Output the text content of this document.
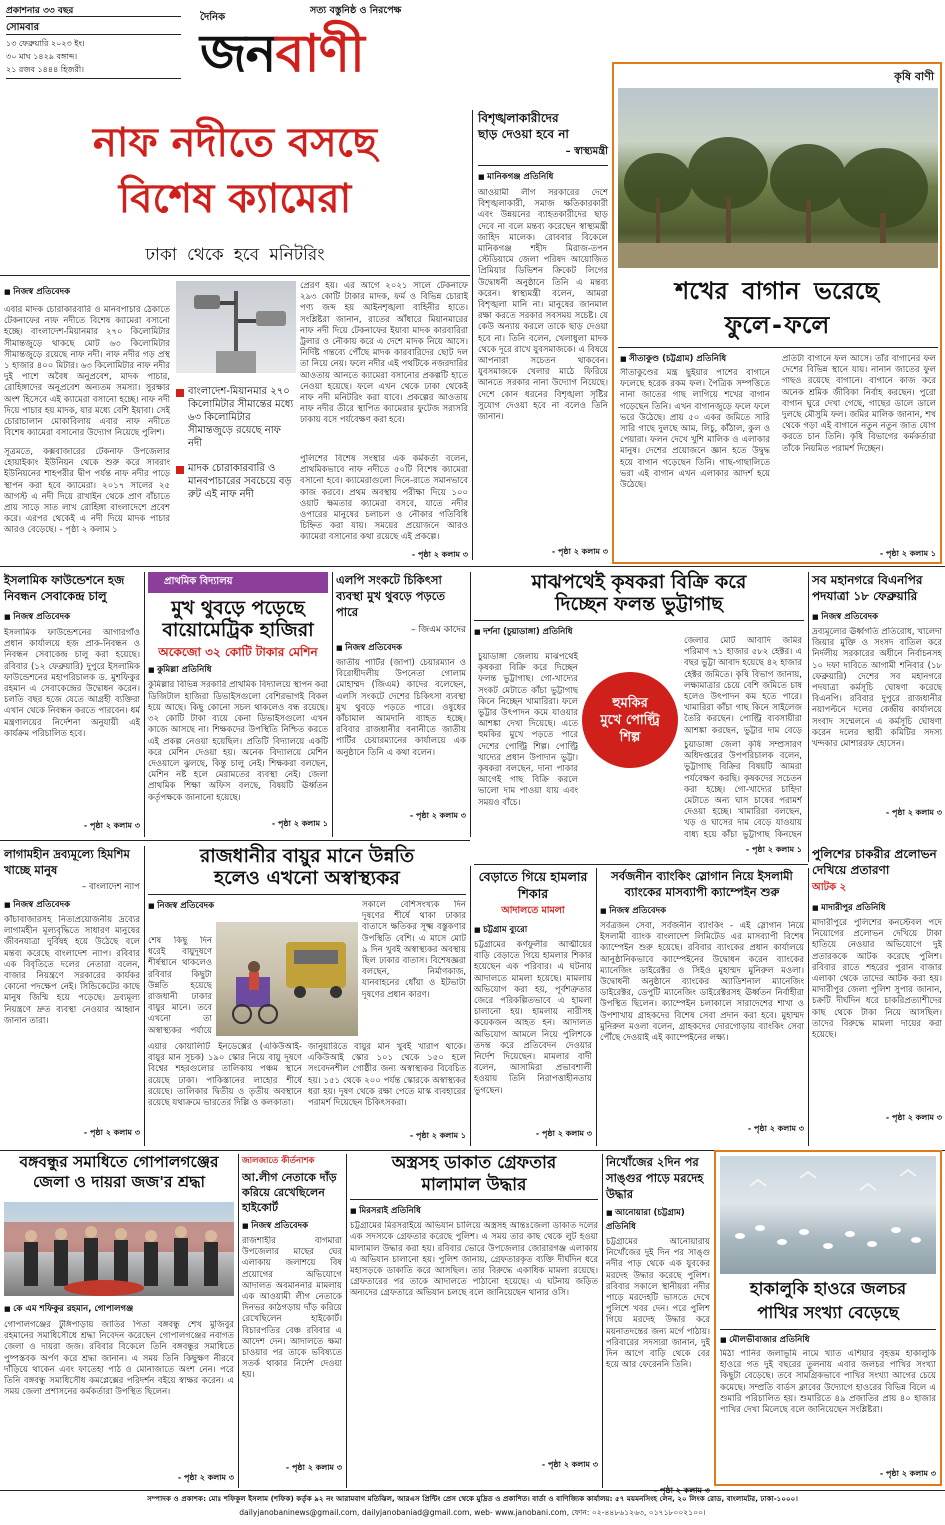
প্রকাশনার ৩৩ বছর
সোমবার
১৩ ফেব্রুয়ারি ২০২৩ ইং।
৩০ মাঘ ১৪২৯ বঙ্গাব্দ।
২১ রজব ১৪৪৪ হিজরী।
দৈনিক
সত্য বস্তুনিষ্ঠ ও নিরপেক্ষ
জনবাণী
নাফ নদীতে বসছে
বিশেষ ক্যামেরা
ঢাকা থেকে হবে মনিটরিং
■ নিজস্ব প্রতিবেদক
এবার মাদক চোরাকারবারি ও মানবপাচার ঠেকাতে টেকনাফের নাফ নদীতে বিশেষ ক্যামেরা বসানো হচ্ছে। বাংলাদেশ-মিয়ানমার ২৭০ কিলোমিটার সীমান্তজুড়ে থাকছে মোট ৬৩ কিলোমিটার সীমান্তজুড়ে রয়েছে নাফ নদী। নাফ নদীর গড় প্রস্থ ১ হাজার ৪০০ মিটার। ৬৩ কিলোমিটার নাফ নদীর দুই পাশে অবৈধ অনুপ্রবেশ, মাদক পাচার, রোহিঙ্গাদের অনুপ্রবেশ অন্যতম সমস্যা। সুরক্ষার অংশ হিসেবে এই ক্যামেরা বসানো হচ্ছে। নাফ নদী দিয়ে পাচার হয় মাদক, যার মধ্যে বেশি ইয়াবা। সেই চোরাচালান মোকাবিলায় এবার নাফ নদীতে বিশেষ ক্যামেরা বসানোর উদ্যোগ নিয়েছে পুলিশ।
সূত্রমতে, কক্সবাজারের টেকনাফ উপজেলার হোয়াইক্যং ইউনিয়ন থেকে শুরু করে সাবরাং ইউনিয়নের শাহপরীর দ্বীপ পর্যন্ত নাফ নদীর পাড়ে স্থাপন করা হবে ক্যামেরা। ২০১৭ সালের ২৫ আগস্ট এ নদী দিয়ে রাখাইন থেকে প্রাণ বাঁচাতে প্রায় সাড়ে সাত লাখ রোহিঙ্গা বাংলাদেশে প্রবেশ করে। এরপর থেকেই এ নদী দিয়ে মাদক পাচার আরও বেড়েছে। - পৃষ্ঠা ২ কলাম ১
বাংলাদেশ-মিয়ানমার ২৭০ কিলোমিটার সীমান্তের মধ্যে ৬৩ কিলোমিটার সীমান্তজুড়ে রয়েছে নাফ নদী
মাদক চোরাকারবারি ও মানবপাচারের সবচেয়ে বড় রুট এই নাফ নদী
প্রেরণ হয়। এর আগে ২০২১ সালে টেকনাফে ২৯৩ কোটি টাকার মাদক, ফর্ম ও বিভিন্ন চোরাই পণ্য জব্দ হয় আইনশৃঙ্খলা বাহিনীর হাতে। সংশ্লিষ্টরা জানান, রাতের আঁধারে মিয়ানমারের নাফ নদী দিয়ে টেকনাফের ইয়াবা মাদক কারবারিরা ট্রলার ও নৌকায় করে এ দেশে মাদক নিয়ে আসে। নির্দিষ্ট গন্তব্যে পৌঁছে মাদক কারবারিদের ছোট দল তা নিয়ে নেয়। ফলে নদীর এই পথটিকে নজরদারির আওতায় আনতে ক্যামেরা বসানোর প্রকল্পটি হাতে নেওয়া হয়েছে। ফলে এখন থেকে ঢাকা থেকেই নাফ নদী মনিটরিং করা যাবে। প্রকল্পের আওতায় নাফ নদীর তীরে স্থাপিত ক্যামেরার ফুটেজ সরাসরি ঢাকায় বসে পর্যবেক্ষণ করা হবে।
পুলিশের বিশেষ সংস্থার এক কর্মকর্তা বলেন, প্রাথমিকভাবে নাফ নদীতে ৫০টি বিশেষ ক্যামেরা বসানো হবে। ক্যামেরাগুলো দিনে-রাতে সমানভাবে কাজ করবে। প্রথম অবস্থায় পরীক্ষা দিয়ে ১০০ ওয়াট ক্ষমতার ক্যামেরা বসবে, যাতে নদীর ওপারের মানুষের চলাচল ও নৌকার গতিবিধি চিহ্নিত করা যায়। সময়ের প্রয়োজনে আরও ক্যামেরা বসানোর কথা রয়েছে এই প্রকল্পে।
- পৃষ্ঠা ২ কলাম ৩
বিশৃঙ্খলাকারীদের ছাড় দেওয়া হবে না
– স্বাস্থ্যমন্ত্রী
■ মানিকগঞ্জ প্রতিনিধি
আওয়ামী লীগ সরকারের দেশে বিশৃঙ্খলাকারী, সমাজ ক্ষতিকারকারী এবং উন্নয়নের ব্যাহতকারীদের ছাড় দেবে না বলে মন্তব্য করেছেন স্বাস্থ্যমন্ত্রী জাহিদ মালেক। রোববার বিকেলে মানিকগঞ্জ শহীদ মিরাজ-তপন স্টেডিয়ামে জেলা পরিষদ আয়োজিত প্রিমিয়ার ডিভিশন ক্রিকেট লিগের উদ্বোধনী অনুষ্ঠানে তিনি এ মন্তব্য করেন। স্বাস্থ্যমন্ত্রী বলেন, আমরা বিশৃঙ্খলা মানি না। মানুষের জানমাল রক্ষা করতে সরকার সবসময় সচেষ্ট। যে কেউ অন্যায় করলে তাকে ছাড় দেওয়া হবে না। তিনি বলেন, খেলাধুলা মাদক থেকে দূরে রাখে যুবসমাজকে। এ বিষয়ে আপনারা সচেতন থাকবেন। যুবসমাজকে খেলার মাঠে ফিরিয়ে আনতে সরকার নানা উদ্যোগ নিয়েছে। দেশে কোন ধরনের বিশৃঙ্খলা সৃষ্টির সুযোগ দেওয়া হবে না বলেও তিনি জানান।
- পৃষ্ঠা ২ কলাম ৩
কৃষি বাণী
শখের বাগান ভরেছে
ফুলে-ফলে
■ সীতাকুণ্ড (চট্টগ্রাম) প্রতিনিধি
সীতাকুণ্ডের মন্ত্র ছুইয়ার পাশের বাগানে ফলেছে হরেক রকম ফল। পৈত্রিক সম্পত্তিতে নানা জাতের গাছ লাগিয়ে শখের বাগান গড়েছেন তিনি। এখন বাগানজুড়ে ফলে ফলে ভরে উঠেছে। প্রায় ৫০ একর জমিতে সারি সারি গাছে দুলছে আম, লিচু, কাঁঠাল, কুল ও পেয়ারা। ফলন দেখে খুশি মালিক ও এলাকার মানুষ। দেশের প্রয়োজনে জ্ঞান হতে উদ্বুদ্ধ হয়ে বাগান গড়েছেন তিনি। গাছ-গাছালিতে ভরা এই বাগান এখন এলাকার আদর্শ হয়ে উঠেছে।
প্রতিটা বাগানে ফল আসে। তাঁর বাগানের ফল দেশের বিভিন্ন স্থানে যায়। নানান জাতের ফুল গাছও রয়েছে বাগানে। বাগানে কাজ করে অনেক শ্রমিক জীবিকা নির্বাহ করছেন। পুরো বাগান ঘুরে দেখা গেছে, গাছের ডালে ডালে দুলছে মৌসুমি ফল। জমির মালিক জানান, শখ থেকে গড়া এই বাগানে নতুন নতুন জাত যোগ করতে চান তিনি। কৃষি বিভাগের কর্মকর্তারা তাঁকে নিয়মিত পরামর্শ দিচ্ছেন।
- পৃষ্ঠা ২ কলাম ১
ইসলামিক ফাউন্ডেশনে হজ নিবন্ধন সেবাকেন্দ্র চালু
■ নিজস্ব প্রতিবেদক
ইসলামিক ফাউন্ডেশনের আগারগাঁও প্রধান কার্যালয়ে হজ প্রাক-নিবন্ধন ও নিবন্ধন সেবাকেন্দ্র চালু করা হয়েছে। রবিবার (১২ ফেব্রুয়ারি) দুপুরে ইসলামিক ফাউন্ডেশনের মহাপরিচালক ড. মুশফিকুর রহমান এ সেবাকেন্দ্রের উদ্বোধন করেন। চলতি বছর হজে যেতে আগ্রহী ব্যক্তিরা এখান থেকে নিবন্ধন করতে পারবেন। ধর্ম মন্ত্রণালয়ের নির্দেশনা অনুযায়ী এই কার্যক্রম পরিচালিত হবে।
- পৃষ্ঠা ২ কলাম ৩
প্রাথমিক বিদ্যালয়
মুখ থুবড়ে পড়েছে
বায়োমেট্রিক হাজিরা
অকেজো ৩২ কোটি টাকার মেশিন
■ কুমিল্লা প্রতিনিধি
কুমিল্লার বিভিন্ন সরকারি প্রাথমিক বিদ্যালয়ে স্থাপন করা ডিজিটাল হাজিরা ডিভাইসগুলো বেশিরভাগই বিকল হয়ে আছে। কিছু কোনো সচল থাকলেও বন্ধ রয়েছে। ৩২ কোটি টাকা ব্যয়ে কেনা ডিভাইসগুলো এখন কাজে আসছে না। শিক্ষকদের উপস্থিতি নিশ্চিত করতে এই প্রকল্প নেওয়া হয়েছিল। প্রতিটি বিদ্যালয়ে একটি করে মেশিন দেওয়া হয়। অনেক বিদ্যালয়ে মেশিন দেওয়ালে ঝুলছে, কিন্তু চালু নেই। শিক্ষকরা বলছেন, মেশিন নষ্ট হলে মেরামতের ব্যবস্থা নেই। জেলা প্রাথমিক শিক্ষা অফিস বলছে, বিষয়টি ঊর্ধ্বতন কর্তৃপক্ষকে জানানো হয়েছে।
- পৃষ্ঠা ২ কলাম ১
এলপি সংকটে চিকিৎসা ব্যবস্থা মুখ থুবড়ে পড়তে পারে
– জিএম কাদের
■ নিজস্ব প্রতিবেদক
জাতীয় পার্টির (জাপা) চেয়ারম্যান ও বিরোধীদলীয় উপনেতা গোলাম মোহাম্মদ (জিএম) কাদের বলেছেন, এলসি সংকটে দেশের চিকিৎসা ব্যবস্থা মুখ থুবড়ে পড়তে পারে। ওষুধের কাঁচামাল আমদানি ব্যাহত হচ্ছে। রবিবার রাজধানীর বনানীতে জাতীয় পার্টির চেয়ারম্যানের কার্যালয়ে এক অনুষ্ঠানে তিনি এ কথা বলেন।
- পৃষ্ঠা ২ কলাম ৩
মাঝপথেই কৃষকরা বিক্রি করে
দিচ্ছেন ফলন্ত ভুট্টাগাছ
■ দর্শনা (চুয়াডাঙ্গা) প্রতিনিধি
চুয়াডাঙ্গা জেলায় মাঝপথেই কৃষকরা বিক্রি করে দিচ্ছেন ফলন্ত ভুট্টাগাছ। গো-খাদ্যের সংকট মেটাতে কাঁচা ভুট্টাগাছ কিনে নিচ্ছেন খামারিরা। ফলে ভুট্টার উৎপাদন কমে যাওয়ার আশঙ্কা দেখা দিয়েছে। এতে হুমকির মুখে পড়তে পারে দেশের পোল্ট্রি শিল্প। পোল্ট্রি খাদ্যের প্রধান উপাদান ভুট্টা। কৃষকরা বলছেন, দানা পাকার আগেই গাছ বিক্রি করলে ভালো দাম পাওয়া যায় এবং সময়ও বাঁচে।
হুমকির
মুখে পোল্ট্রি
শিল্প
জেলার মোট আবাদি জমির পরিমাণ ৭১ হাজার ৫৮২ হেক্টর। এ বছর ভুট্টা আবাদ হয়েছে ৪২ হাজার হেক্টর জমিতে। কৃষি বিভাগ জানায়, লক্ষ্যমাত্রার চেয়ে বেশি জমিতে চাষ হলেও উৎপাদন কম হতে পারে। খামারিরা কাঁচা গাছ কিনে সাইলেজ তৈরি করছেন। পোল্ট্রি ব্যবসায়ীরা আশঙ্কা করছেন, ভুট্টার দাম বেড়ে
চুয়াডাঙ্গা জেলা কৃষি সম্প্রসারণ অধিদপ্তরের উপপরিচালক বলেন, ভুট্টাগাছ বিক্রির বিষয়টি আমরা পর্যবেক্ষণ করছি। কৃষকদের সচেতন করা হচ্ছে। গো-খাদ্যের চাহিদা মেটাতে অন্য ঘাস চাষের পরামর্শ দেওয়া হচ্ছে। খামারিরা বলছেন, খড় ও ঘাসের দাম বেড়ে যাওয়ায় বাধ্য হয়ে কাঁচা ভুট্টাগাছ কিনছেন
- পৃষ্ঠা ২ কলাম ১
সব মহানগরে বিএনপির পদযাত্রা ১৮ ফেব্রুয়ারি
■ নিজস্ব প্রতিবেদক
দ্রব্যমূল্যের ঊর্ধ্বগতি প্রতিরোধ, খালেদা জিয়ার মুক্তি ও সংসদ বাতিল করে নির্দলীয় সরকারের অধীনে নির্বাচনসহ ১০ দফা দাবিতে আগামী শনিবার (১৮ ফেব্রুয়ারি) দেশের সব মহানগরে পদযাত্রা কর্মসূচি ঘোষণা করেছে বিএনপি। রবিবার দুপুরে রাজধানীর নয়াপল্টনে দলের কেন্দ্রীয় কার্যালয়ে সংবাদ সম্মেলনে এ কর্মসূচি ঘোষণা করেন দলের স্থায়ী কমিটির সদস্য খন্দকার মোশাররফ হোসেন।
- পৃষ্ঠা ২ কলাম ৩
লাগামহীন দ্রব্যমূল্যে হিমশিম খাচ্ছে মানুষ
– বাংলাদেশ ন্যাপ
■ নিজস্ব প্রতিবেদক
কাঁচাবাজারসহ নিত্যপ্রয়োজনীয় দ্রব্যের লাগামহীন মূল্যবৃদ্ধিতে সাধারণ মানুষের জীবনযাত্রা দুর্বিষহ হয়ে উঠেছে বলে মন্তব্য করেছে বাংলাদেশ ন্যাপ। রবিবার এক বিবৃতিতে দলের নেতারা বলেন, বাজার নিয়ন্ত্রণে সরকারের কার্যকর কোনো পদক্ষেপ নেই। সিন্ডিকেটের কাছে মানুষ জিম্মি হয়ে পড়েছে। দ্রব্যমূল্য নিয়ন্ত্রণে দ্রুত ব্যবস্থা নেওয়ার আহ্বান জানান তারা।
- পৃষ্ঠা ২ কলাম ৩
রাজধানীর বায়ুর মানে উন্নতি
হলেও এখনো অস্বাস্থ্যকর
■ নিজস্ব প্রতিবেদক
শেষ কিছু দিন ধরেই বায়ুদূষণে শীর্ষস্থানে থাকলেও রবিবার কিছুটা উন্নতি হয়েছে রাজধানী ঢাকার বায়ুর মানে। তবে এখনো তা অস্বাস্থ্যকর পর্যায়ে
সকালে বেশিসংখ্যক দিন দূষণের শীর্ষে থাকা ঢাকার বাতাসে ক্ষতিকর সূক্ষ্ম বস্তুকণার উপস্থিতি বেশি। এ মাসে মোট ৯ দিন খুবই অস্বাস্থ্যকর অবস্থায় ছিল ঢাকার বাতাস। বিশেষজ্ঞরা বলছেন, নির্মাণকাজ, যানবাহনের ধোঁয়া ও ইটভাটা দূষণের প্রধান কারণ।
এয়ার কোয়ালিটি ইনডেক্সের (একিউআই-বায়ুর মান সূচক) ১৯০ স্কোর নিয়ে বায়ু দূষণে বিশ্বের শহরগুলোর তালিকায় পঞ্চম স্থানে রয়েছে ঢাকা। পাকিস্তানের লাহোর শীর্ষে রয়েছে। তালিকার দ্বিতীয় ও তৃতীয় অবস্থানে রয়েছে যথাক্রমে ভারতের দিল্লি ও কলকাতা।
জানুয়ারিতে বায়ুর মান খুবই খারাপ থাকে। একিউআই স্কোর ১০১ থেকে ১৫০ হলে সংবেদনশীল গোষ্ঠীর জন্য অস্বাস্থ্যকর বিবেচিত হয়। ১৫১ থেকে ২০০ পর্যন্ত স্কোরকে অস্বাস্থ্যকর ধরা হয়। দূষণ থেকে রক্ষা পেতে মাস্ক ব্যবহারের পরামর্শ দিয়েছেন চিকিৎসকরা।
- পৃষ্ঠা ২ কলাম ১
বেড়াতে গিয়ে হামলার শিকার
আদালতে মামলা
■ চট্টগ্রাম ব্যুরো
চট্টগ্রামের কর্ণফুলীর আত্মীয়ের বাড়ি বেড়াতে গিয়ে হামলার শিকার হয়েছেন এক পরিবার। এ ঘটনায় আদালতে মামলা হয়েছে। মামলায় অভিযোগ করা হয়, পূর্বশত্রুতার জেরে পরিকল্পিতভাবে এ হামলা চালানো হয়। হামলায় নারীসহ কয়েকজন আহত হন। আদালত অভিযোগ আমলে নিয়ে পুলিশকে তদন্ত করে প্রতিবেদন দেওয়ার নির্দেশ দিয়েছেন। মামলার বাদী বলেন, আসামিরা প্রভাবশালী হওয়ায় তিনি নিরাপত্তাহীনতায় ভুগছেন।
- পৃষ্ঠা ২ কলাম ৩
সর্বজনীন ব্যাংকিং স্লোগান নিয়ে ইসলামী
ব্যাংকের মাসব্যাপী ক্যাম্পেইন শুরু
■ নিজস্ব প্রতিবেদক
সর্বত্রজন সেবা, সর্বজনীন ব্যাংকিং - এই স্লোগান নিয়ে ইসলামী ব্যাংক বাংলাদেশ লিমিটেড এর মাসব্যাপী বিশেষ ক্যাম্পেইন শুরু হয়েছে। রবিবার ব্যাংকের প্রধান কার্যালয়ে আনুষ্ঠানিকভাবে ক্যাম্পেইনের উদ্বোধন করেন ব্যাংকের ম্যানেজিং ডাইরেক্টর ও সিইও মুহাম্মদ মুনিরুল মওলা। উদ্বোধনী অনুষ্ঠানে ব্যাংকের অ্যাডিশনাল ম্যানেজিং ডাইরেক্টর, ডেপুটি ম্যানেজিং ডাইরেক্টরসহ ঊর্ধ্বতন নির্বাহীরা উপস্থিত ছিলেন। ক্যাম্পেইন চলাকালে সারাদেশের শাখা ও উপশাখায় গ্রাহকদের বিশেষ সেবা প্রদান করা হবে। মুহাম্মদ মুনিরুল মওলা বলেন, গ্রাহকদের দোরগোড়ায় ব্যাংকিং সেবা পৌঁছে দেওয়াই এই ক্যাম্পেইনের লক্ষ্য।
- পৃষ্ঠা ২ কলাম ৩
পুলিশের চাকরীর প্রলোভন দেখিয়ে প্রতারণা
আটক ২
■ মাদারীপুর প্রতিনিধি
মাদারীপুরে পুলিশের কনস্টেবল পদে নিয়োগের প্রলোভন দেখিয়ে টাকা হাতিয়ে নেওয়ার অভিযোগে দুই প্রতারককে আটক করেছে পুলিশ। রবিবার রাতে শহরের পুরান বাজার এলাকা থেকে তাদের আটক করা হয়। মাদারীপুর জেলা পুলিশ সুপার জানান, চক্রটি দীর্ঘদিন ধরে চাকরিপ্রত্যাশীদের কাছ থেকে টাকা নিয়ে আসছিল। তাদের বিরুদ্ধে মামলা দায়ের করা হয়েছে।
- পৃষ্ঠা ২ কলাম ৩
বঙ্গবন্ধুর সমাধিতে গোপালগঞ্জের
জেলা ও দায়রা জজ'র শ্রদ্ধা
■ কে এম শফিকুর রহমান, গোপালগঞ্জ
গোপালগঞ্জের টুঙ্গিপাড়ায় জাতির পিতা বঙ্গবন্ধু শেখ মুজিবুর রহমানের সমাধিসৌধে শ্রদ্ধা নিবেদন করেছেন গোপালগঞ্জের নবাগত জেলা ও দায়রা জজ। রবিবার বিকেলে তিনি বঙ্গবন্ধুর সমাধিতে পুষ্পস্তবক অর্পণ করে শ্রদ্ধা জানান। এ সময় তিনি কিছুক্ষণ নীরবে দাঁড়িয়ে থাকেন এবং ফাতেহা পাঠ ও মোনাজাতে অংশ নেন। পরে তিনি বঙ্গবন্ধু সমাধিসৌধ কমপ্লেক্সের পরিদর্শন বইয়ে স্বাক্ষর করেন। এ সময় জেলা প্রশাসনের কর্মকর্তারা উপস্থিত ছিলেন।
- পৃষ্ঠা ২ কলাম ৩
জালজাতে কীর্তনাশক
আ.লীগ নেতাকে দাঁড় করিয়ে রেখেছিলেন হাইকোর্ট
■ নিজস্ব প্রতিবেদক
রাজশাহীর বাগমারা উপজেলার মাছের ঘের এলাকায় জলাশয়ে বিষ প্রয়োগের অভিযোগে আদালত অবমাননার মামলায় এক আওয়ামী লীগ নেতাকে দিনভর কাঠগড়ায় দাঁড় করিয়ে রেখেছিলেন হাইকোর্ট। বিচারপতির বেঞ্চ রবিবার এ আদেশ দেন। আদালতে ক্ষমা চাওয়ার পর তাকে ভবিষ্যতে সতর্ক থাকার নির্দেশ দেওয়া হয়।
- পৃষ্ঠা ২ কলাম ৩
অস্ত্রসহ ডাকাত গ্রেফতার
মালামাল উদ্ধার
■ মিরসরাই প্রতিনিধি
চট্টগ্রামের মিরসরাইয়ে অভিযান চালিয়ে অস্ত্রসহ আন্তঃজেলা ডাকাত দলের এক সদস্যকে গ্রেফতার করেছে পুলিশ। এ সময় তার কাছ থেকে লুট হওয়া মালামাল উদ্ধার করা হয়। রবিবার ভোরে উপজেলার জোরারগঞ্জ এলাকায় এ অভিযান চালানো হয়। পুলিশ জানায়, গ্রেফতারকৃত ব্যক্তি দীর্ঘদিন ধরে মহাসড়কে ডাকাতি করে আসছিল। তার বিরুদ্ধে একাধিক মামলা রয়েছে। গ্রেফতারের পর তাকে আদালতে পাঠানো হয়েছে। এ ঘটনায় জড়িত অন্যদের গ্রেফতারে অভিযান চলছে বলে জানিয়েছেন থানার ওসি।
- পৃষ্ঠা ২ কলাম ৩
নিখোঁজের ২দিন পর সাঙ্গুর পাড়ে মরদেহ উদ্ধার
■ আনোয়ারা (চট্টগ্রাম) প্রতিনিধি
চট্টগ্রামের আনোয়ারায় নিখোঁজের দুই দিন পর সাঙ্গু নদীর পাড় থেকে এক যুবকের মরদেহ উদ্ধার করেছে পুলিশ। রবিবার সকালে স্থানীয়রা নদীর পাড়ে মরদেহটি ভাসতে দেখে পুলিশে খবর দেন। পরে পুলিশ গিয়ে মরদেহ উদ্ধার করে ময়নাতদন্তের জন্য মর্গে পাঠায়। পরিবারের সদস্যরা জানান, দুই দিন আগে বাড়ি থেকে বের হয়ে আর ফেরেননি তিনি।
হাকালুকি হাওরে জলচর
পাখির সংখ্যা বেড়েছে
■ মৌলভীবাজার প্রতিনিধি
মিঠা পানির জলাভূমি নামে খ্যাত এশিয়ার বৃহত্তম হাকালুকি হাওরে গত দুই বছরের তুলনায় এবার জলচর পাখির সংখ্যা কিছুটা বেড়েছে। তবে সামগ্রিকভাবে পাখির সংখ্যা আগের চেয়ে কমেছে। সম্প্রতি বার্ডস ক্লাবের উদ্যোগে হাওরের বিভিন্ন বিলে এ শুমারি পরিচালিত হয়। শুমারিতে ৪৯ প্রজাতির প্রায় ৪০ হাজার পাখির দেখা মিলেছে বলে জানিয়েছেন সংশ্লিষ্টরা।
- পৃষ্ঠা ২ কলাম ৩
সম্পাদক ও প্রকাশক: মোঃ শফিকুল ইসলাম (শফিক) কর্তৃক ৯২ নং আরামবাগ মতিঝিল, আরএস প্রিন্টিং প্রেস থেকে মুদ্রিত ও প্রকাশিত। বার্তা ও বাণিজ্যিক কার্যালয়: ৫৭ ময়মনসিংহ লেন, ২০ লিংক রোড, বাংলামটর, ঢাকা-১০০০।
dailyjanobaninews@gmail.com, dailyjanobaniad@gmail.com, web- www.janobani.com, ফোন: ০২-৪৪৮৬১২৬৩, ০১৭১৮০০২১০০।
